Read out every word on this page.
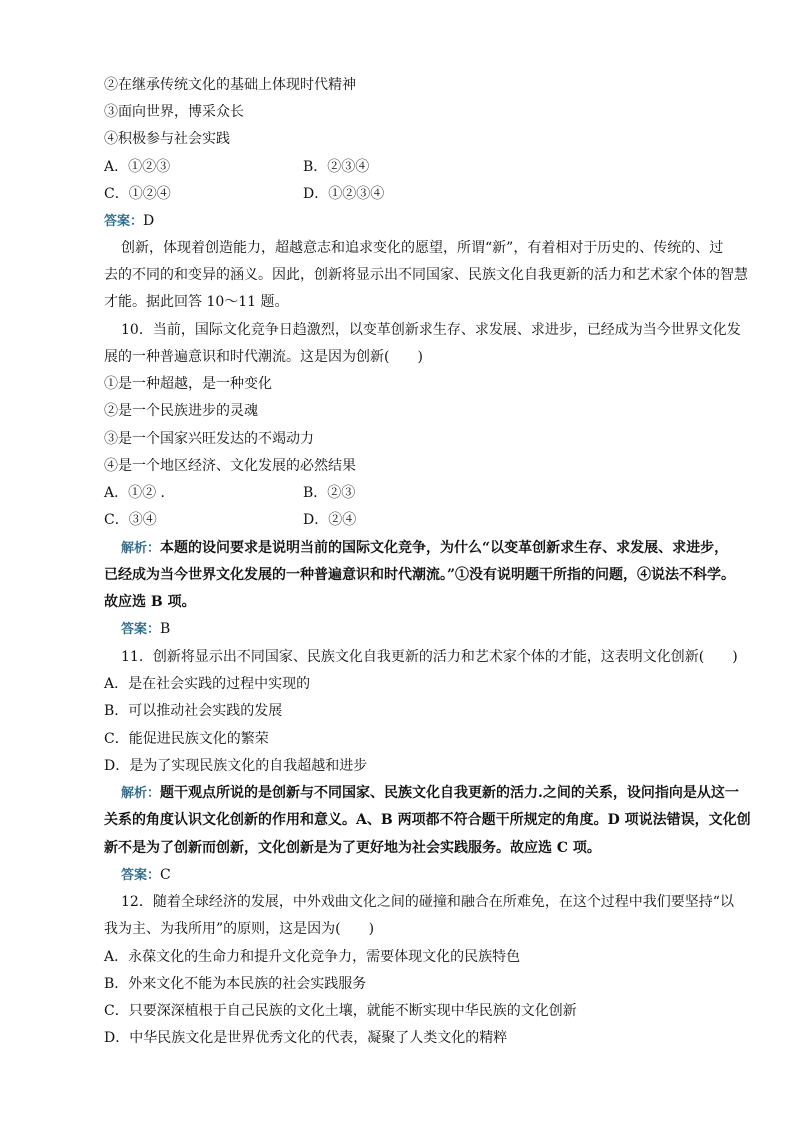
②在继承传统文化的基础上体现时代精神
③面向世界，博采众长
④积极参与社会实践
A．①②③	B．②③④
C．①②④	D．①②③④
答案：D
创新，体现着创造能力，超越意志和追求变化的愿望，所谓“新”，有着相对于历史的、传统的、过
去的不同的和变异的涵义。因此，创新将显示出不同国家、民族文化自我更新的活力和艺术家个体的智慧
才能。据此回答 10～11 题。
10．当前，国际文化竞争日趋激烈，以变革创新求生存、求发展、求进步，已经成为当今世界文化发
展的一种普遍意识和时代潮流。这是因为创新(　　)
①是一种超越，是一种变化
②是一个民族进步的灵魂
③是一个国家兴旺发达的不竭动力
④是一个地区经济、文化发展的必然结果
A．①② .	B．②③
C．③④	D．②④
解析：本题的设问要求是说明当前的国际文化竞争，为什么“以变革创新求生存、求发展、求进步，
已经成为当今世界文化发展的一种普遍意识和时代潮流。”①没有说明题干所指的问题，④说法不科学。
故应选 B 项。
答案：B
11．创新将显示出不同国家、民族文化自我更新的活力和艺术家个体的才能，这表明文化创新(　　)
A．是在社会实践的过程中实现的
B．可以推动社会实践的发展
C．能促进民族文化的繁荣
D．是为了实现民族文化的自我超越和进步
解析：题干观点所说的是创新与不同国家、民族文化自我更新的活力.之间的关系，设问指向是从这一
关系的角度认识文化创新的作用和意义。A、B 两项都不符合题干所规定的角度。D 项说法错误，文化创
新不是为了创新而创新，文化创新是为了更好地为社会实践服务。故应选 C 项。
答案：C
12．随着全球经济的发展，中外戏曲文化之间的碰撞和融合在所难免，在这个过程中我们要坚持“以
我为主、为我所用”的原则，这是因为(　　)
A．永葆文化的生命力和提升文化竞争力，需要体现文化的民族特色
B．外来文化不能为本民族的社会实践服务
C．只要深深植根于自己民族的文化土壤，就能不断实现中华民族的文化创新
D．中华民族文化是世界优秀文化的代表，凝聚了人类文化的精粹
